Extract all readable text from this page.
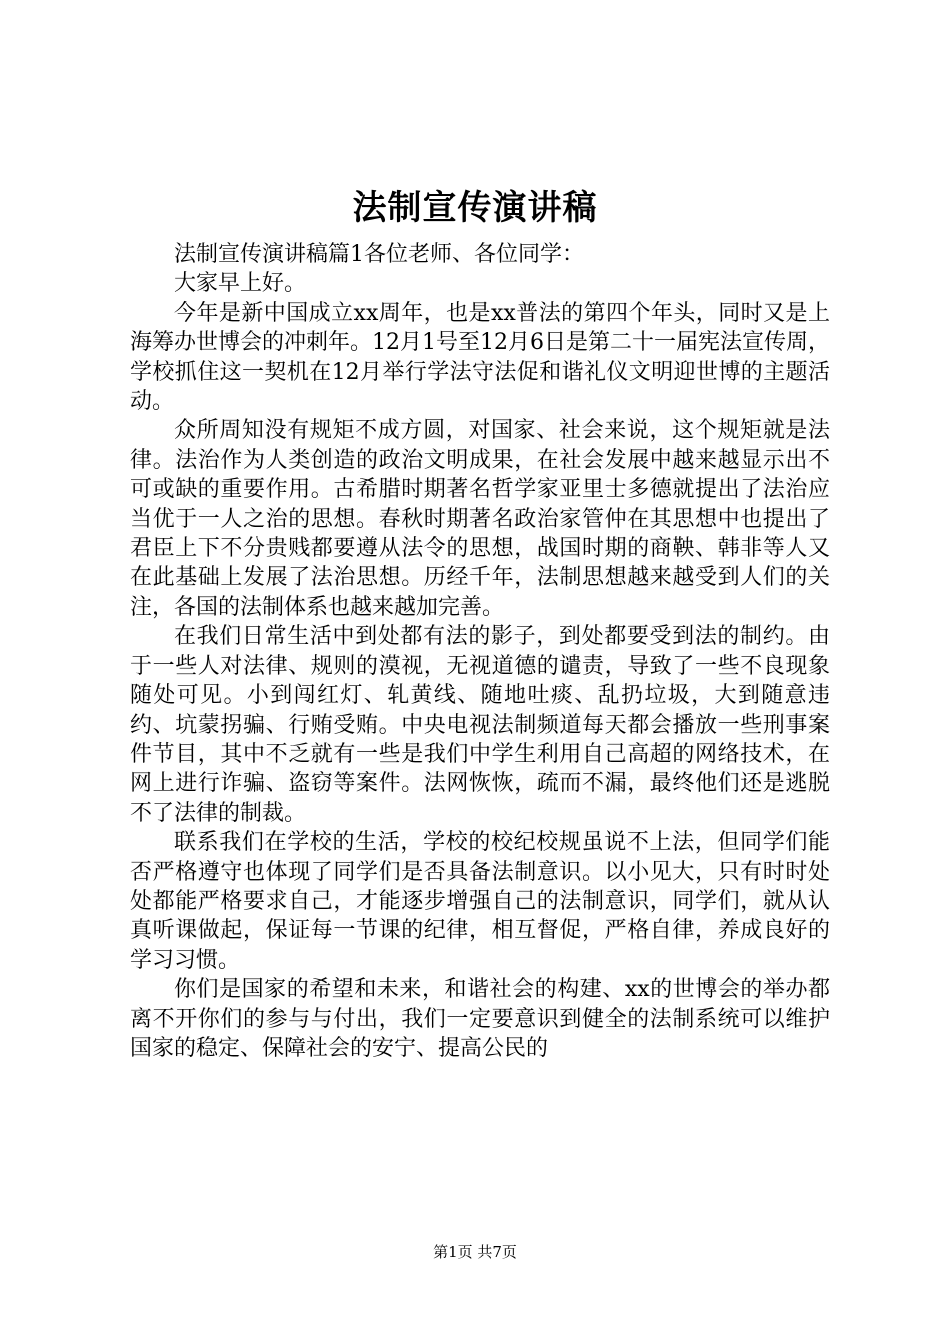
法制宣传演讲稿

法制宣传演讲稿篇1各位老师、各位同学：

大家早上好。

今年是新中国成立xx周年，也是xx普法的第四个年头，同时又是上海筹办世博会的冲刺年。12月1号至12月6日是第二十一届宪法宣传周，学校抓住这一契机在12月举行学法守法促和谐礼仪文明迎世博的主题活动。

众所周知没有规矩不成方圆，对国家、社会来说，这个规矩就是法律。法治作为人类创造的政治文明成果，在社会发展中越来越显示出不可或缺的重要作用。古希腊时期著名哲学家亚里士多德就提出了法治应当优于一人之治的思想。春秋时期著名政治家管仲在其思想中也提出了君臣上下不分贵贱都要遵从法令的思想，战国时期的商鞅、韩非等人又在此基础上发展了法治思想。历经千年，法制思想越来越受到人们的关注，各国的法制体系也越来越加完善。

在我们日常生活中到处都有法的影子，到处都要受到法的制约。由于一些人对法律、规则的漠视，无视道德的谴责，导致了一些不良现象随处可见。小到闯红灯、轧黄线、随地吐痰、乱扔垃圾，大到随意违约、坑蒙拐骗、行贿受贿。中央电视法制频道每天都会播放一些刑事案件节目，其中不乏就有一些是我们中学生利用自己高超的网络技术，在网上进行诈骗、盗窃等案件。法网恢恢，疏而不漏，最终他们还是逃脱不了法律的制裁。

联系我们在学校的生活，学校的校纪校规虽说不上法，但同学们能否严格遵守也体现了同学们是否具备法制意识。以小见大，只有时时处处都能严格要求自己，才能逐步增强自己的法制意识，同学们，就从认真听课做起，保证每一节课的纪律，相互督促，严格自律，养成良好的学习习惯。

你们是国家的希望和未来，和谐社会的构建、xx的世博会的举办都离不开你们的参与与付出，我们一定要意识到健全的法制系统可以维护国家的稳定、保障社会的安宁、提高公民的

第1页 共7页
